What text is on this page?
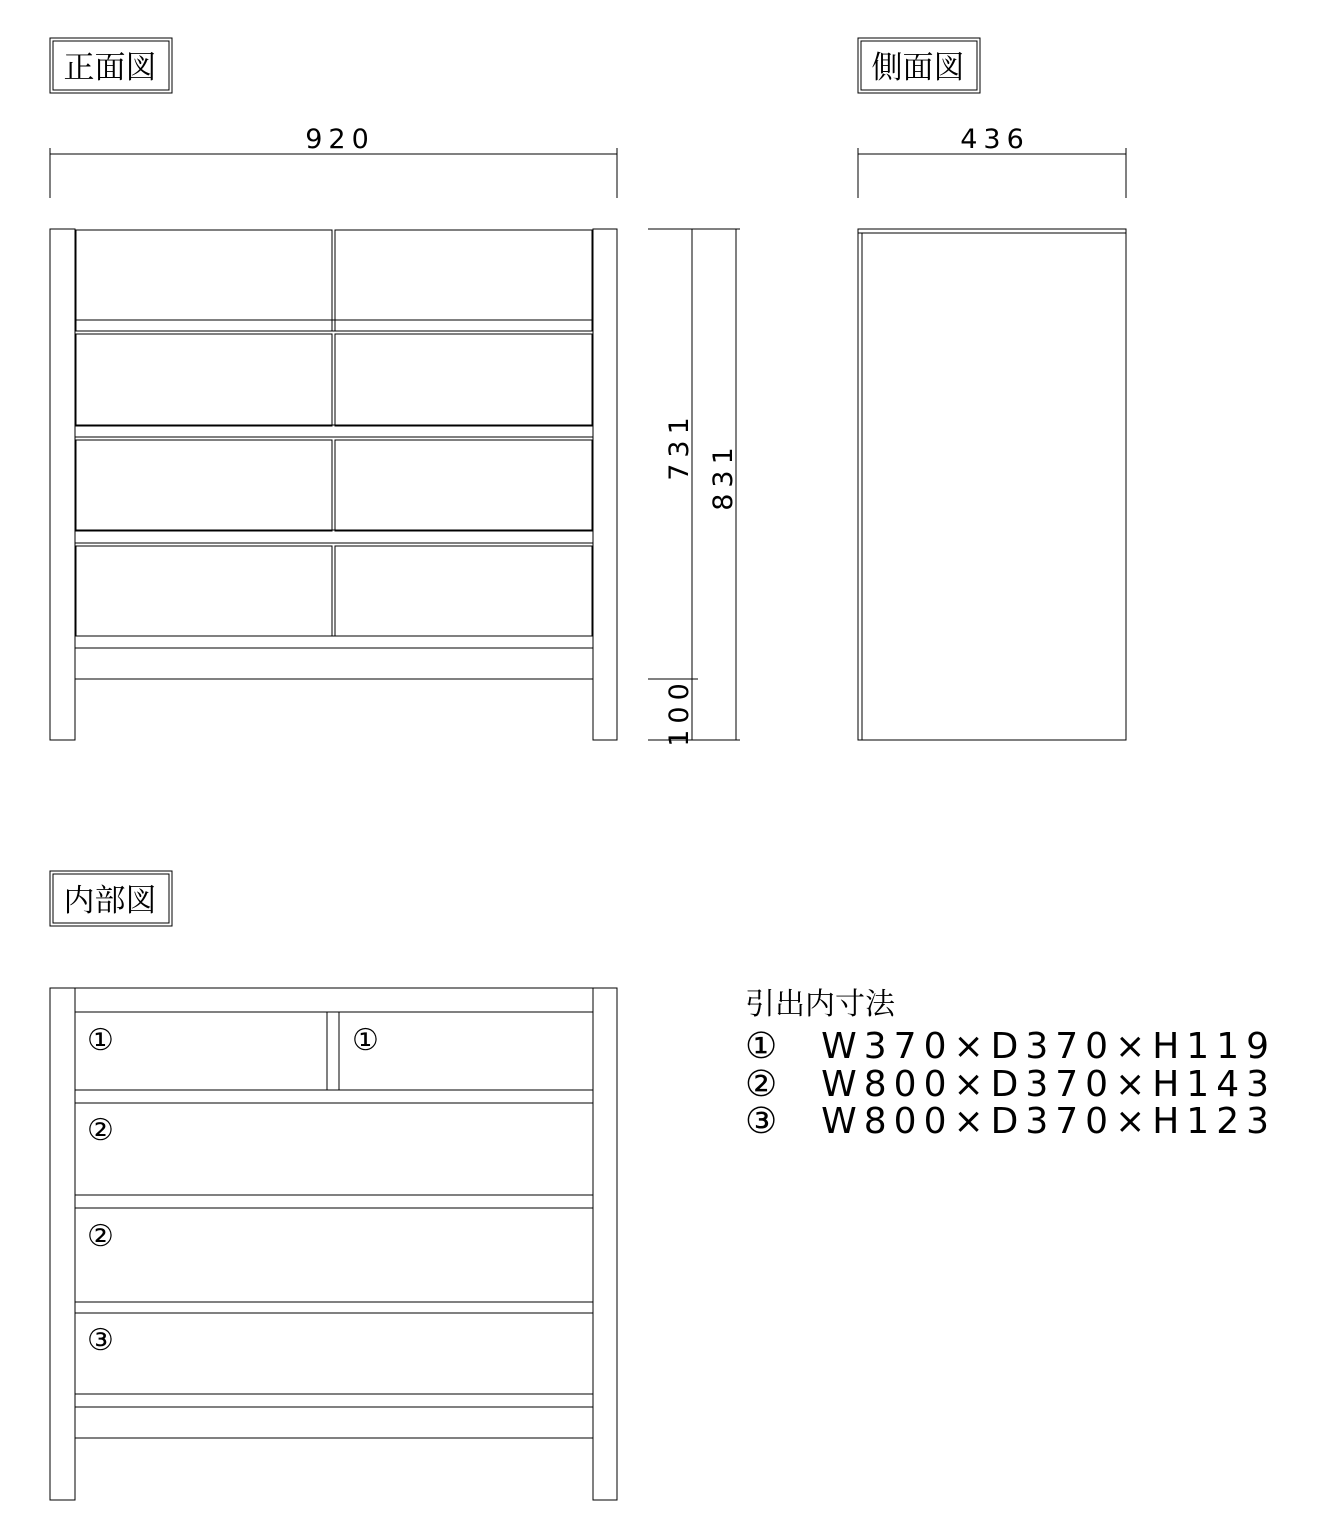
正面図	側面図
内部図
920
731 831
100
436
①	①
②
②
③
引出内寸法
①  W370×D370×H119
②  W800×D370×H143
③  W800×D370×H123
